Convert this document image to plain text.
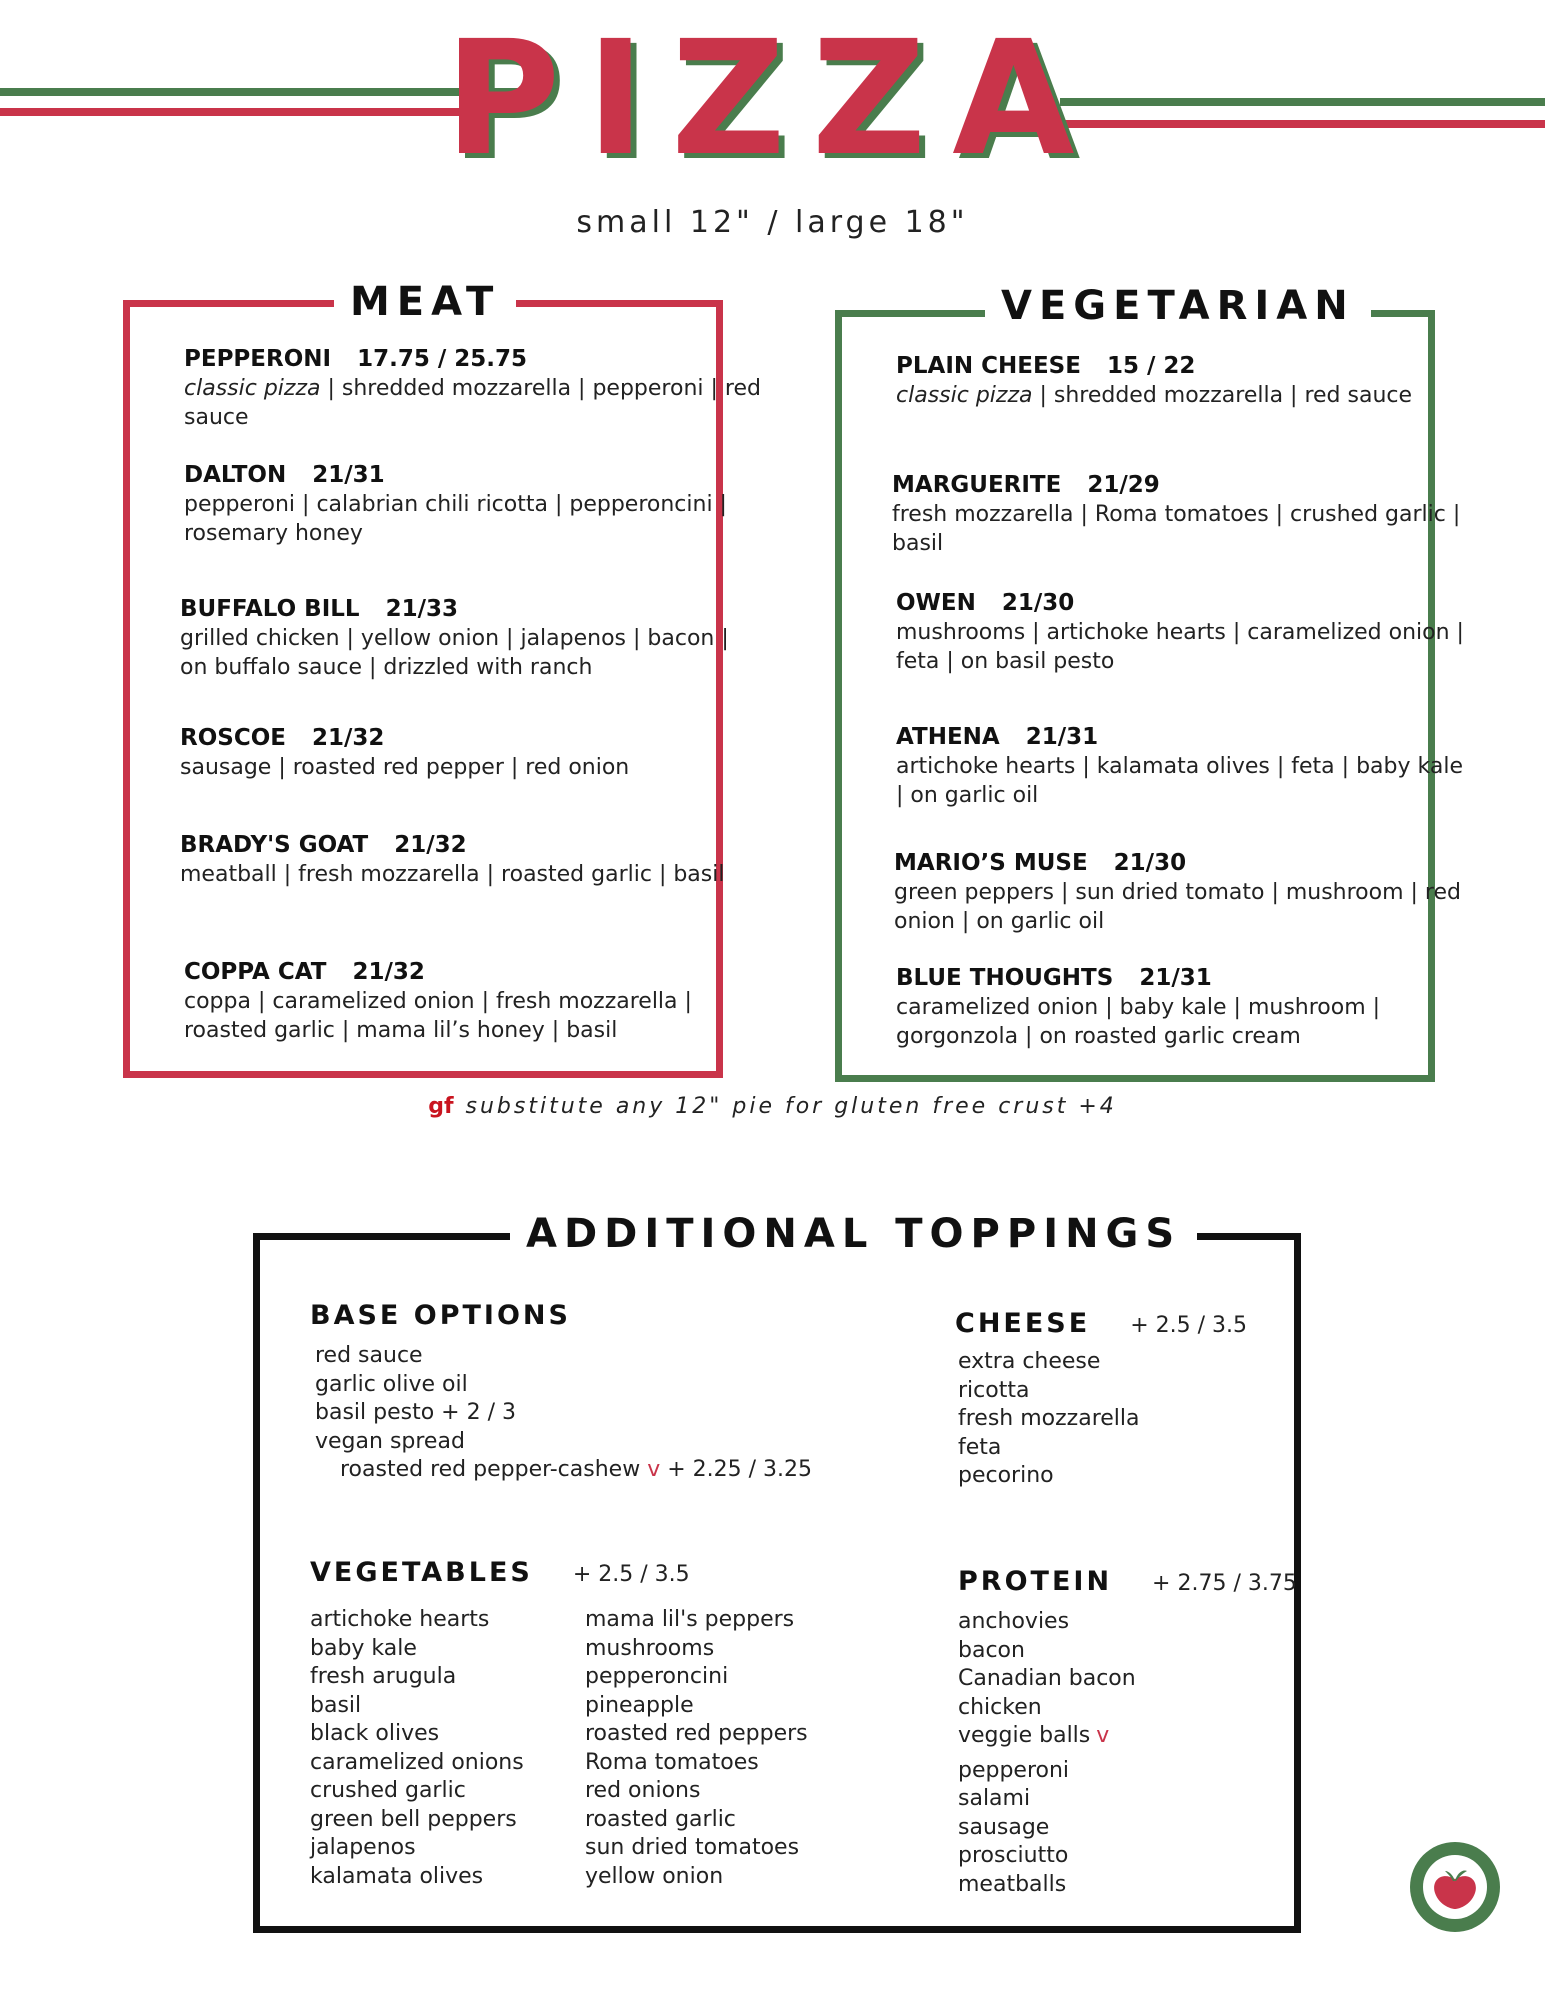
PIZZA
small 12" / large 18"
MEAT
PEPPERONI 17.75 / 25.75
classic pizza | shredded mozzarella | pepperoni | red sauce
DALTON 21/31
pepperoni | calabrian chili ricotta | pepperoncini | rosemary honey
BUFFALO BILL 21/33
grilled chicken | yellow onion | jalapenos | bacon | on buffalo sauce | drizzled with ranch
ROSCOE 21/32
sausage | roasted red pepper | red onion
BRADY'S GOAT 21/32
meatball | fresh mozzarella | roasted garlic | basil
COPPA CAT 21/32
coppa | caramelized onion | fresh mozzarella | roasted garlic | mama lil’s honey | basil
VEGETARIAN
PLAIN CHEESE 15 / 22
classic pizza | shredded mozzarella | red sauce
MARGUERITE 21/29
fresh mozzarella | Roma tomatoes | crushed garlic | basil
OWEN 21/30
mushrooms | artichoke hearts | caramelized onion | feta | on basil pesto
ATHENA 21/31
artichoke hearts | kalamata olives | feta | baby kale | on garlic oil
MARIO’S MUSE 21/30
green peppers | sun dried tomato | mushroom | red onion | on garlic oil
BLUE THOUGHTS 21/31
caramelized onion | baby kale | mushroom | gorgonzola | on roasted garlic cream
gf substitute any 12" pie for gluten free crust +4
ADDITIONAL TOPPINGS
BASE OPTIONS
red sauce
garlic olive oil
basil pesto + 2 / 3
vegan spread
roasted red pepper-cashew v + 2.25 / 3.25
CHEESE + 2.5 / 3.5
extra cheese
ricotta
fresh mozzarella
feta
pecorino
VEGETABLES + 2.5 / 3.5
artichoke hearts
baby kale
fresh arugula
basil
black olives
caramelized onions
crushed garlic
green bell peppers
jalapenos
kalamata olives
mama lil's peppers
mushrooms
pepperoncini
pineapple
roasted red peppers
Roma tomatoes
red onions
roasted garlic
sun dried tomatoes
yellow onion
PROTEIN + 2.75 / 3.75
anchovies
bacon
Canadian bacon
chicken
veggie balls v
pepperoni
salami
sausage
prosciutto
meatballs
